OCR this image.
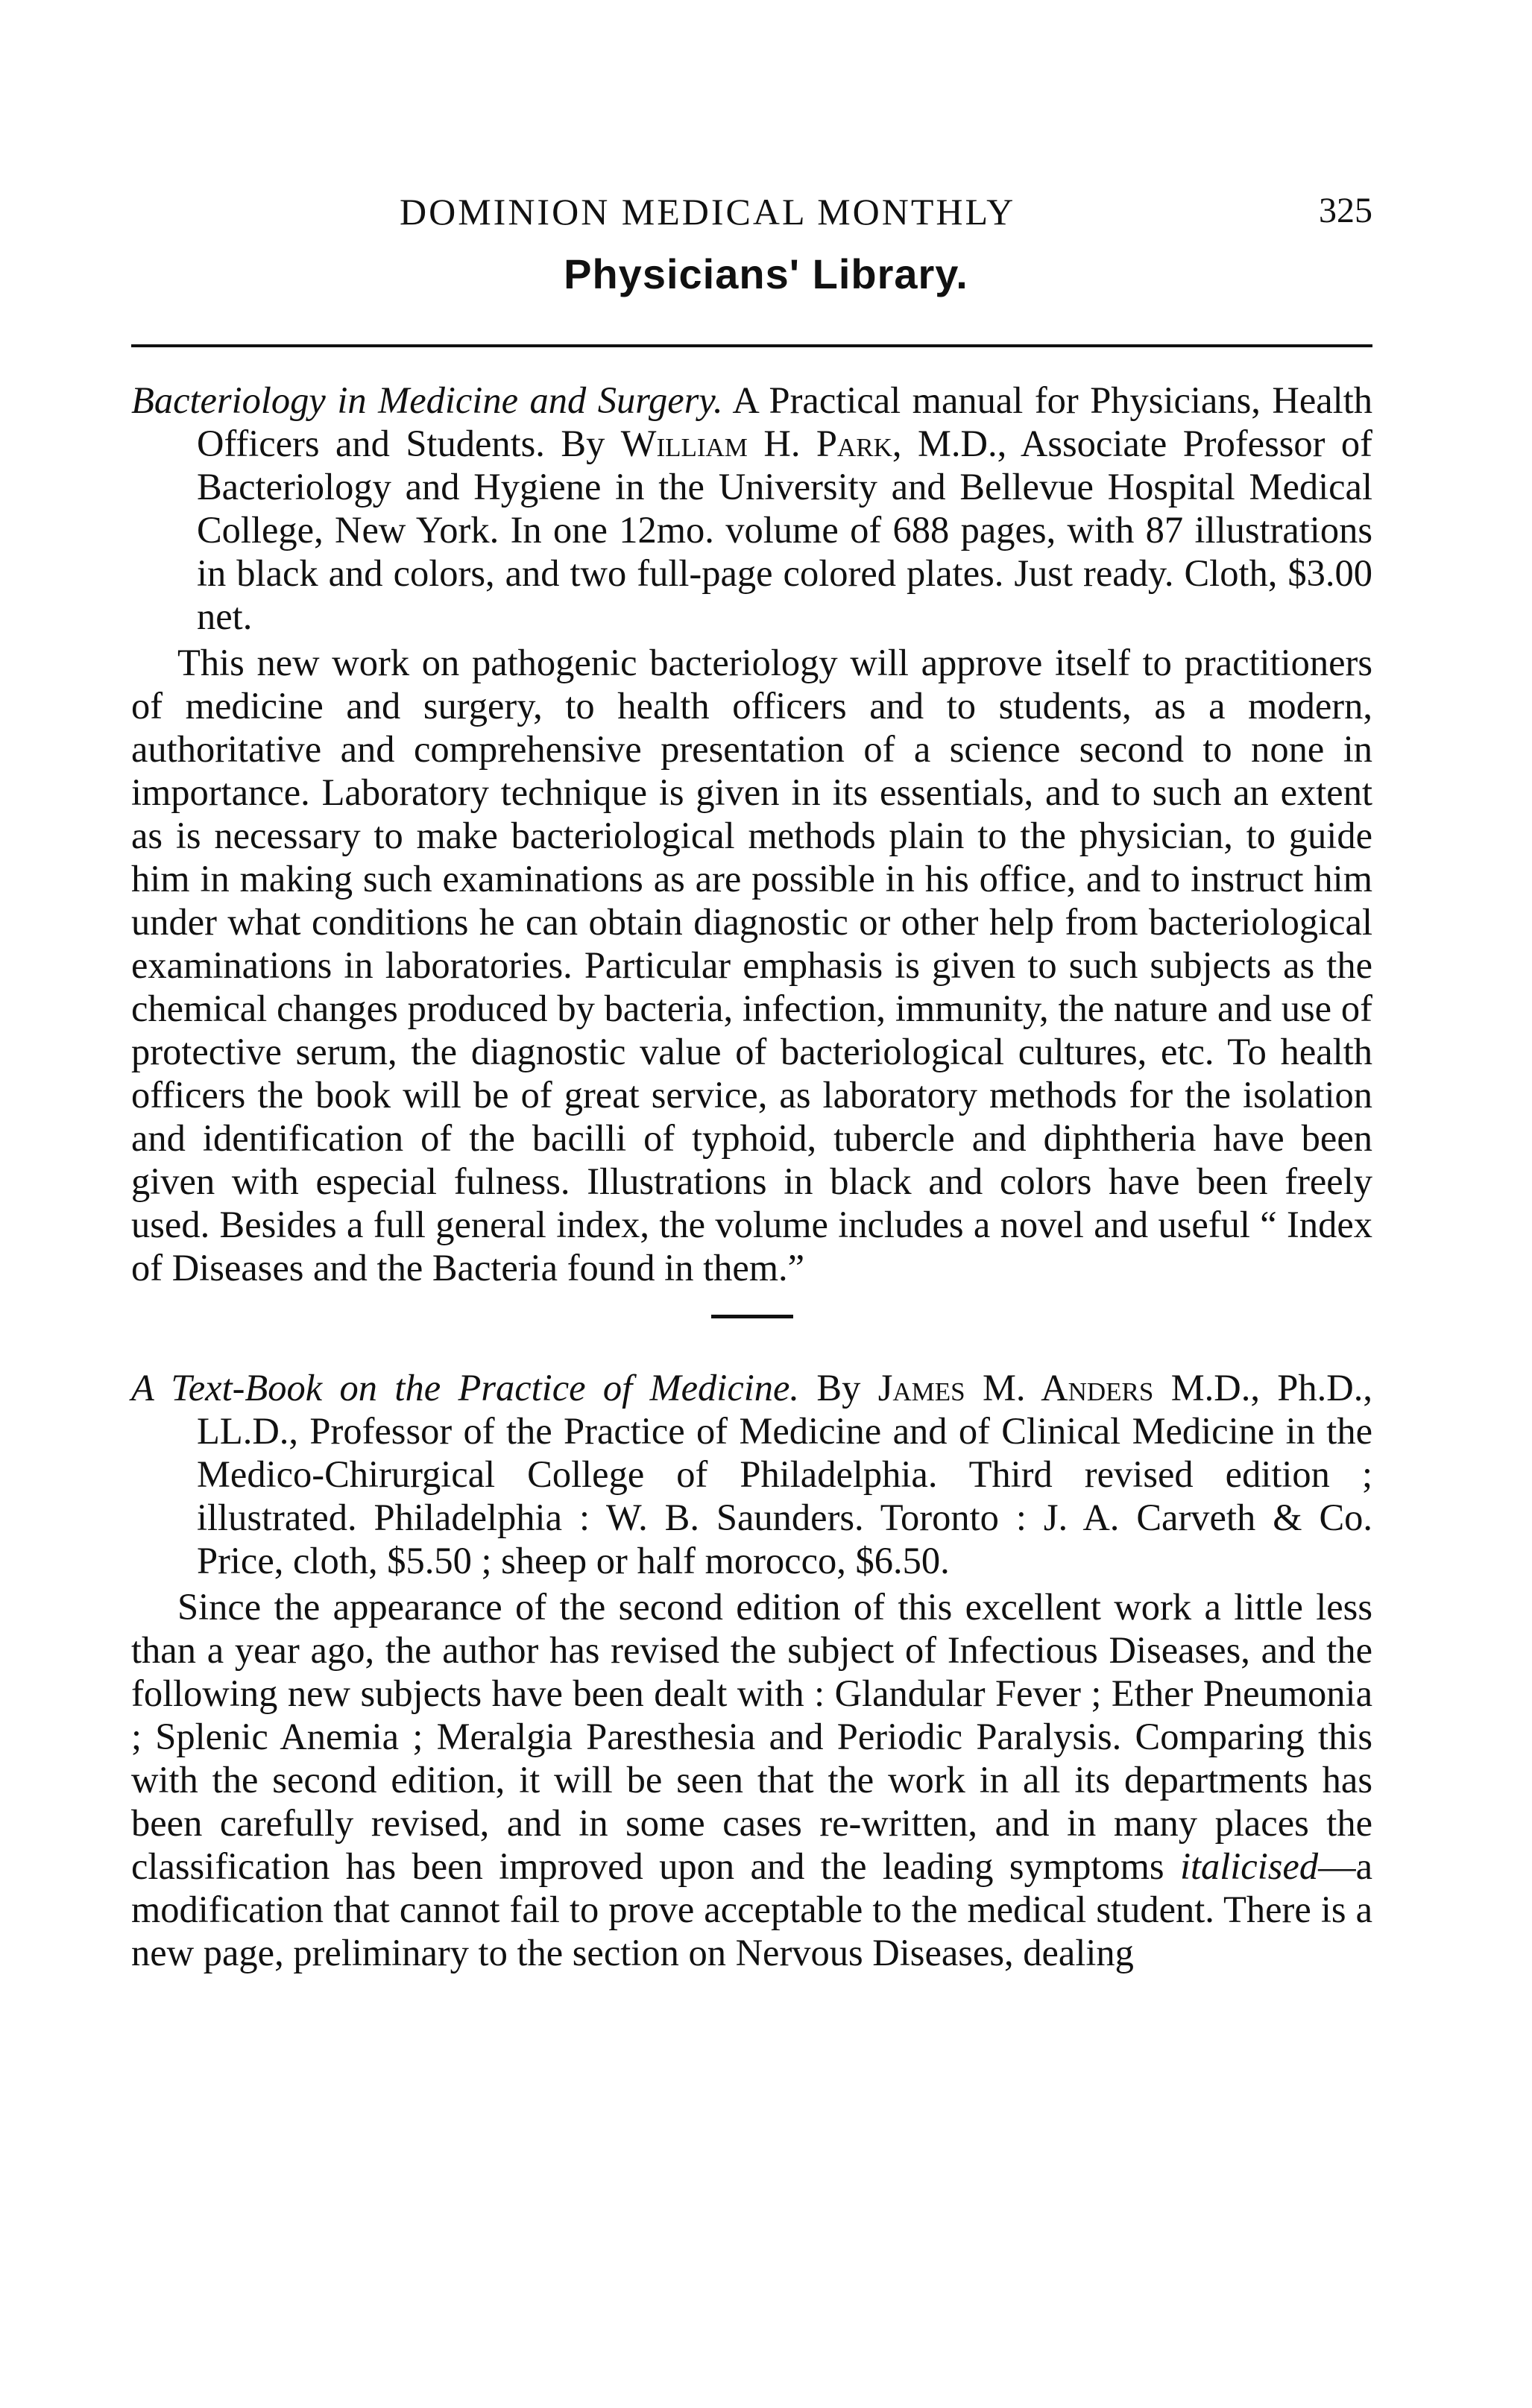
DOMINION MEDICAL MONTHLY	325
Physicians' Library.

Bacteriology in Medicine and Surgery. A Practical manual for Physicians, Health Officers and Students. By William H. Park, M.D., Associate Professor of Bacteriology and Hygiene in the University and Bellevue Hospital Medical College, New York. In one 12mo. volume of 688 pages, with 87 illustrations in black and colors, and two full-page colored plates. Just ready. Cloth, $3.00 net.

This new work on pathogenic bacteriology will approve itself to practitioners of medicine and surgery, to health officers and to students, as a modern, authoritative and comprehensive presentation of a science second to none in importance. Laboratory technique is given in its essentials, and to such an extent as is necessary to make bacteriological methods plain to the physician, to guide him in making such examinations as are possible in his office, and to instruct him under what conditions he can obtain diagnostic or other help from bacteriological examinations in laboratories. Particular emphasis is given to such subjects as the chemical changes produced by bacteria, infection, immunity, the nature and use of protective serum, the diagnostic value of bacteriological cultures, etc. To health officers the book will be of great service, as laboratory methods for the isolation and identification of the bacilli of typhoid, tubercle and diphtheria have been given with especial fulness. Illustrations in black and colors have been freely used. Besides a full general index, the volume includes a novel and useful “ Index of Diseases and the Bacteria found in them.”

A Text-Book on the Practice of Medicine. By James M. Anders M.D., Ph.D., LL.D., Professor of the Practice of Medicine and of Clinical Medicine in the Medico-Chirurgical College of Philadelphia. Third revised edition ; illustrated. Philadelphia : W. B. Saunders. Toronto : J. A. Carveth & Co. Price, cloth, $5.50 ; sheep or half morocco, $6.50.

Since the appearance of the second edition of this excellent work a little less than a year ago, the author has revised the subject of Infectious Diseases, and the following new subjects have been dealt with : Glandular Fever ; Ether Pneumonia ; Splenic Anemia ; Meralgia Paresthesia and Periodic Paralysis. Comparing this with the second edition, it will be seen that the work in all its departments has been carefully revised, and in some cases re-written, and in many places the classification has been improved upon and the leading symptoms italicised—a modification that cannot fail to prove acceptable to the medical student. There is a new page, preliminary to the section on Nervous Diseases, dealing
